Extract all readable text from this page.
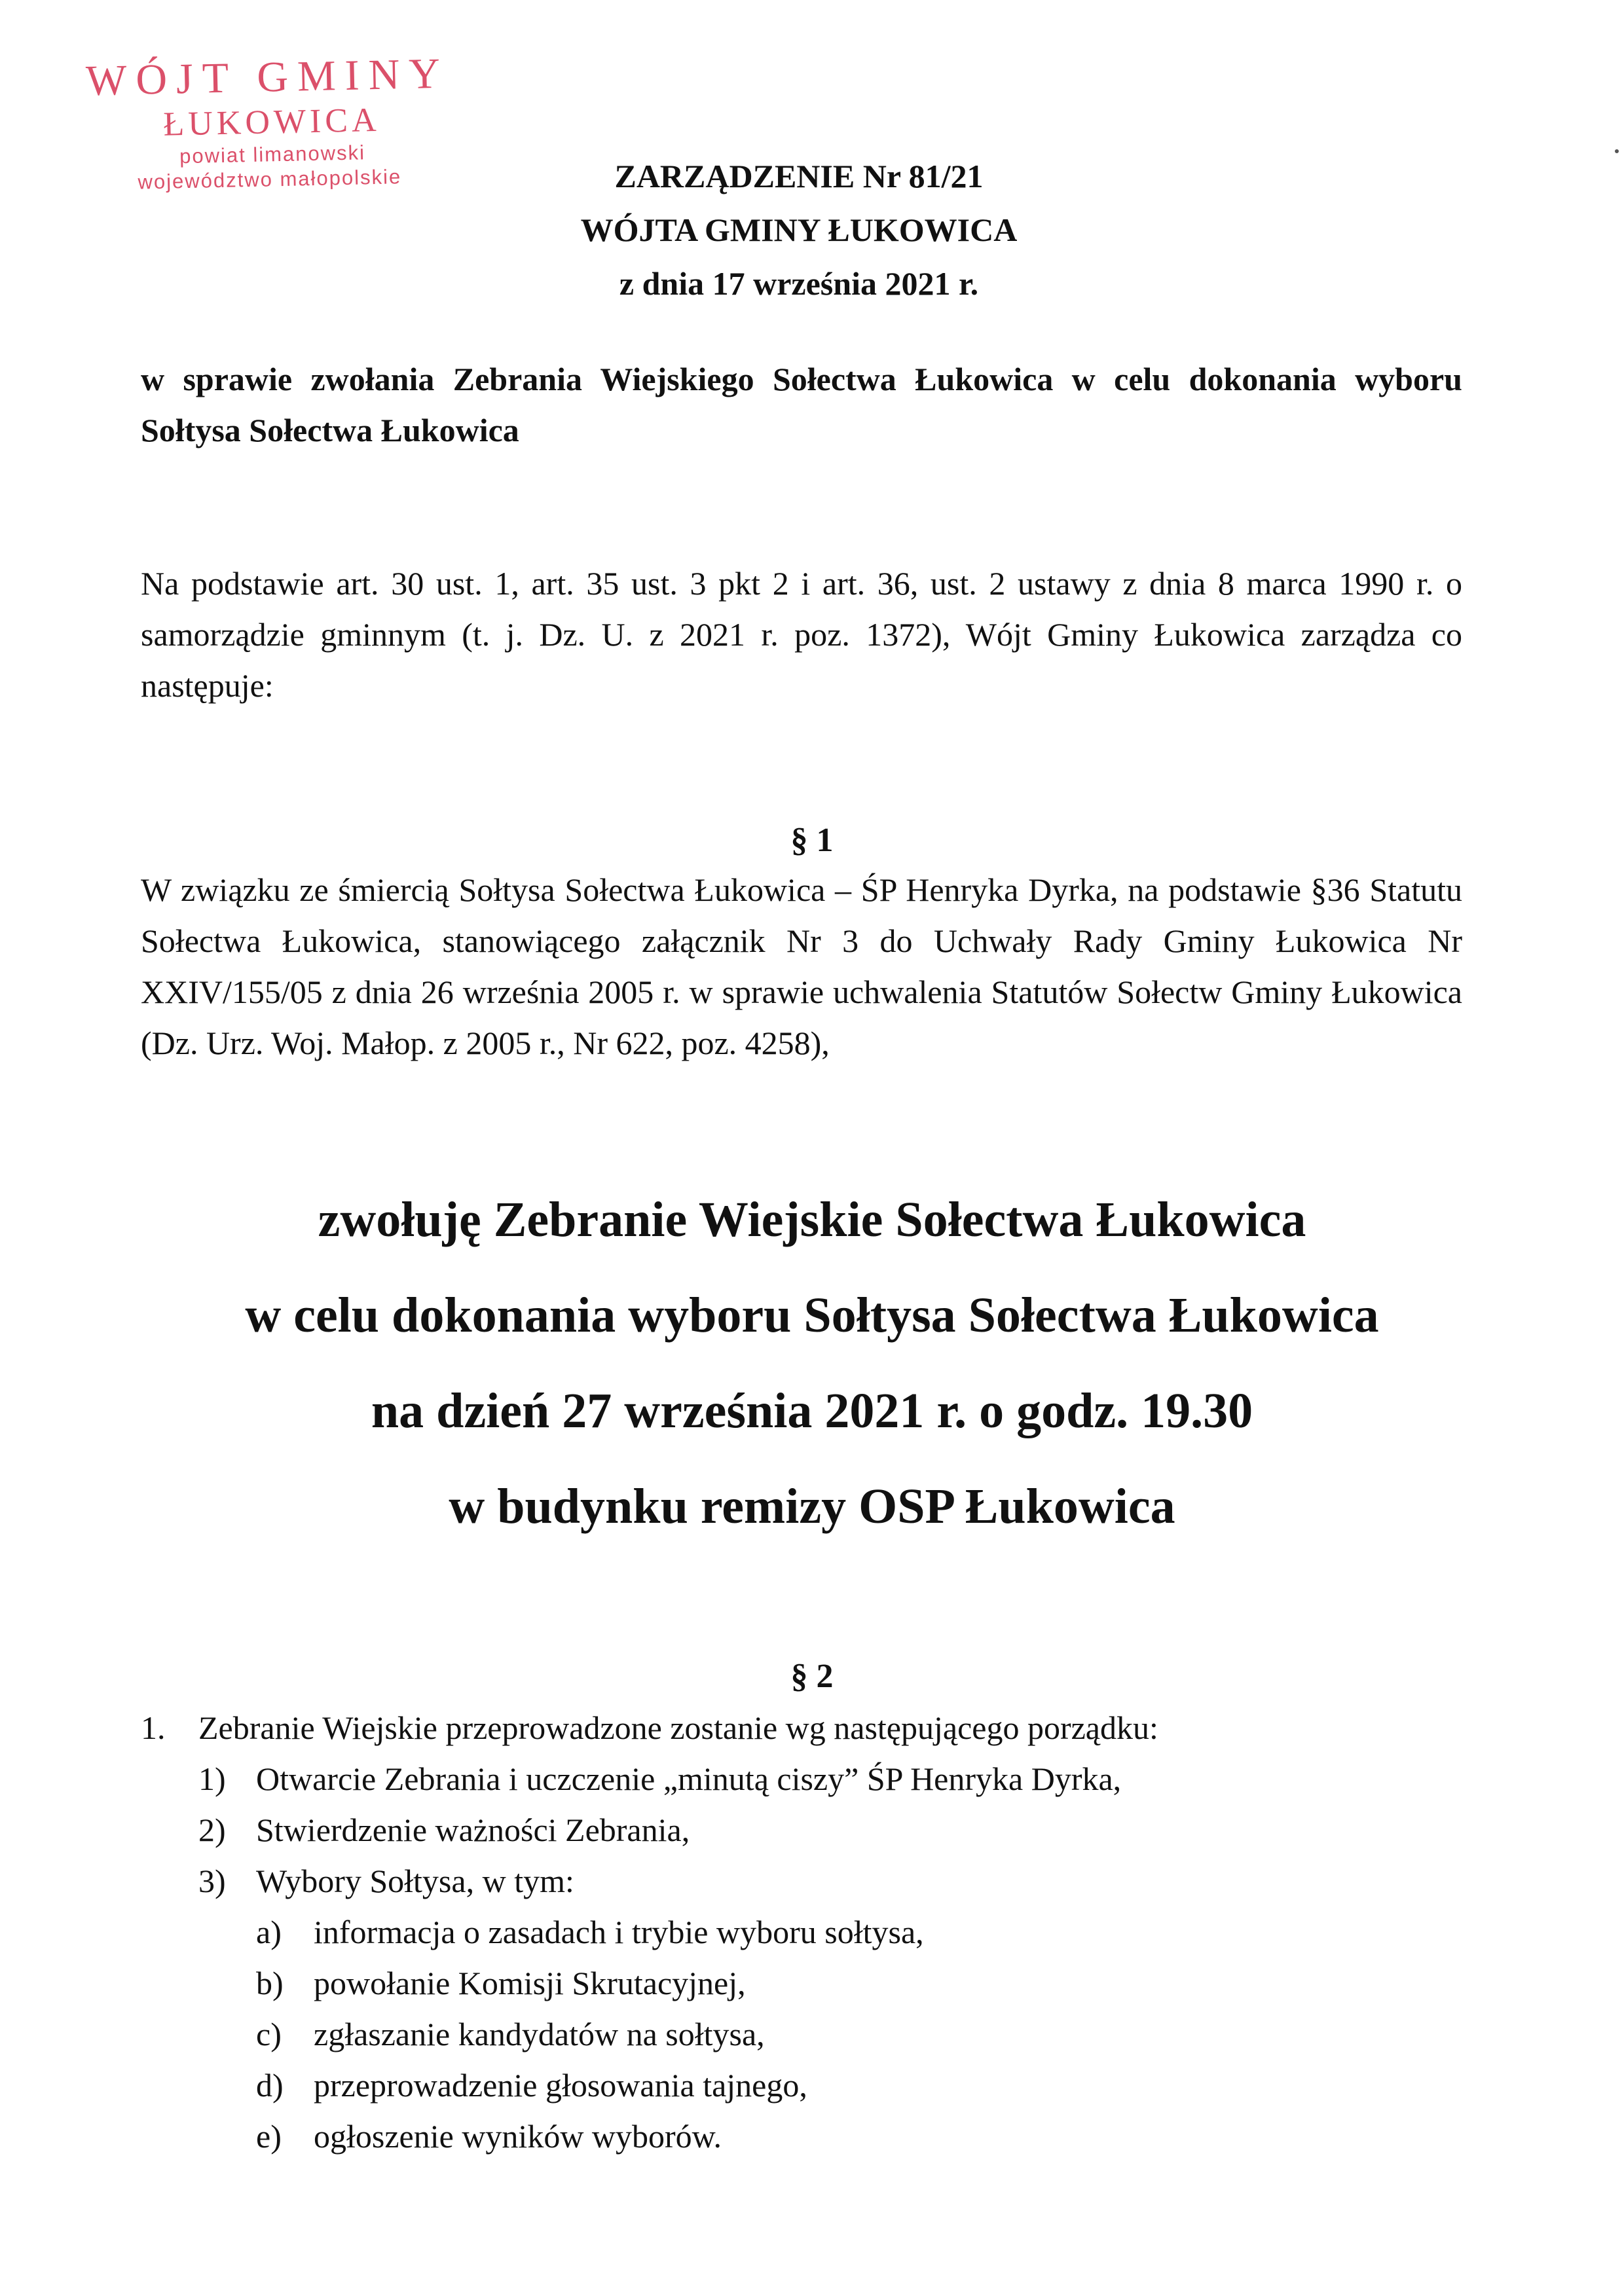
WÓJT GMINY
ŁUKOWICA
powiat limanowski
województwo małopolskie	ZARZĄDZENIE Nr 81/21
WÓJTA GMINY ŁUKOWICA
z dnia 17 września 2021 r.
w sprawie zwołania Zebrania Wiejskiego Sołectwa Łukowica w celu dokonania wyboru Sołtysa Sołectwa Łukowica
Na podstawie art. 30 ust. 1, art. 35 ust. 3 pkt 2 i art. 36, ust. 2 ustawy z dnia 8 marca 1990 r. o samorządzie gminnym (t. j. Dz. U. z 2021 r. poz. 1372), Wójt Gminy Łukowica zarządza co następuje:
§ 1
W związku ze śmiercią Sołtysa Sołectwa Łukowica – ŚP Henryka Dyrka, na podstawie §36 Statutu Sołectwa Łukowica, stanowiącego załącznik Nr 3 do Uchwały Rady Gminy Łukowica Nr XXIV/155/05 z dnia 26 września 2005 r. w sprawie uchwalenia Statutów Sołectw Gminy Łukowica (Dz. Urz. Woj. Małop. z 2005 r., Nr 622, poz. 4258),
zwołuję Zebranie Wiejskie Sołectwa Łukowica
w celu dokonania wyboru Sołtysa Sołectwa Łukowica
na dzień 27 września 2021 r. o godz. 19.30
w budynku remizy OSP Łukowica
§ 2
1.	Zebranie Wiejskie przeprowadzone zostanie wg następującego porządku:
1) Otwarcie Zebrania i uczczenie „minutą ciszy” ŚP Henryka Dyrka,
2) Stwierdzenie ważności Zebrania,
3) Wybory Sołtysa, w tym:
a) informacja o zasadach i trybie wyboru sołtysa,
b) powołanie Komisji Skrutacyjnej,
c) zgłaszanie kandydatów na sołtysa,
d) przeprowadzenie głosowania tajnego,
e) ogłoszenie wyników wyborów.
